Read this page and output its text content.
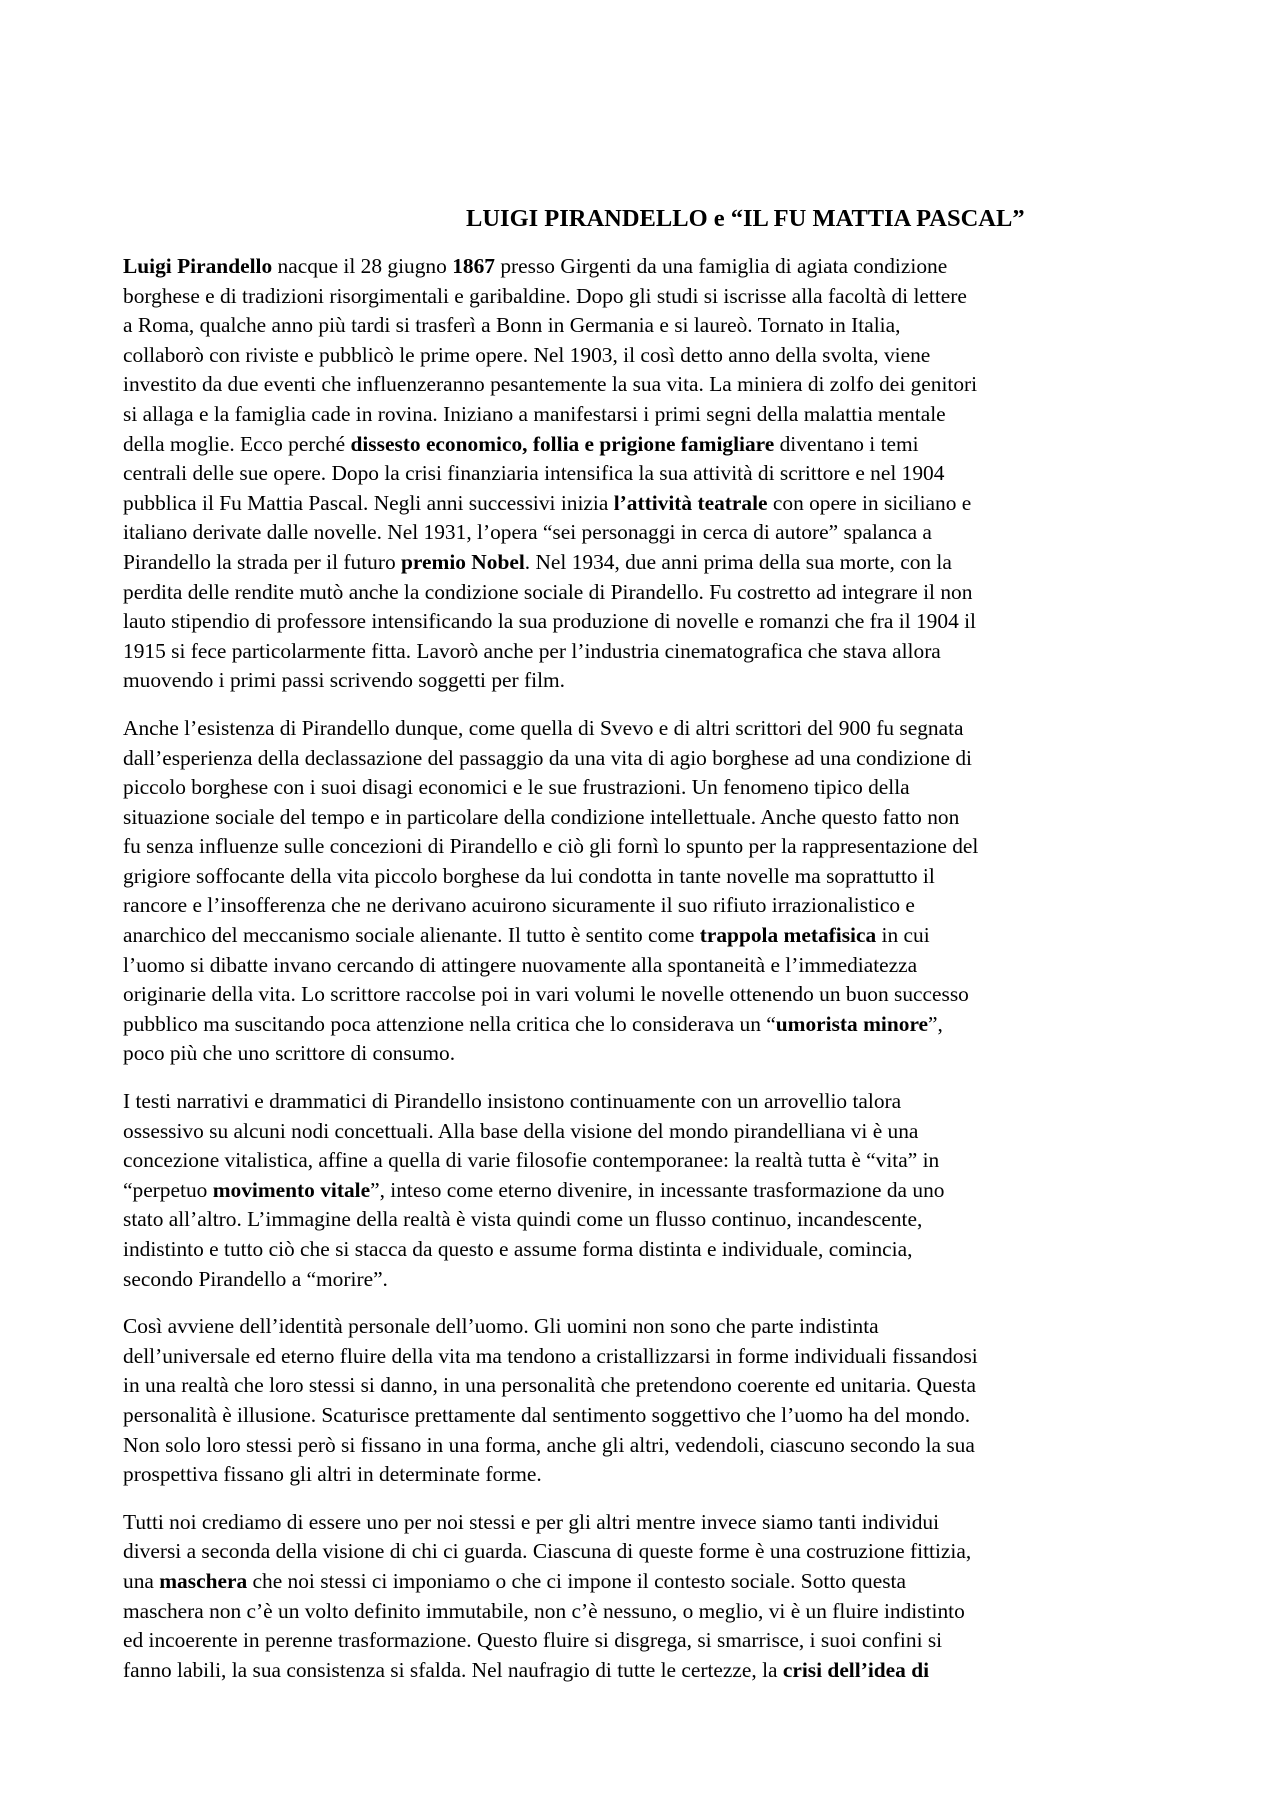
LUIGI PIRANDELLO e “IL FU MATTIA PASCAL”

Luigi Pirandello nacque il 28 giugno 1867 presso Girgenti da una famiglia di agiata condizione
borghese e di tradizioni risorgimentali e garibaldine. Dopo gli studi si iscrisse alla facoltà di lettere
a Roma, qualche anno più tardi si trasferì a Bonn in Germania e si laureò. Tornato in Italia,
collaborò con riviste e pubblicò le prime opere. Nel 1903, il così detto anno della svolta, viene
investito da due eventi che influenzeranno pesantemente la sua vita. La miniera di zolfo dei genitori
si allaga e la famiglia cade in rovina. Iniziano a manifestarsi i primi segni della malattia mentale
della moglie. Ecco perché dissesto economico, follia e prigione famigliare diventano i temi
centrali delle sue opere. Dopo la crisi finanziaria intensifica la sua attività di scrittore e nel 1904
pubblica il Fu Mattia Pascal. Negli anni successivi inizia l’attività teatrale con opere in siciliano e
italiano derivate dalle novelle. Nel 1931, l’opera “sei personaggi in cerca di autore” spalanca a
Pirandello la strada per il futuro premio Nobel. Nel 1934, due anni prima della sua morte, con la
perdita delle rendite mutò anche la condizione sociale di Pirandello. Fu costretto ad integrare il non
lauto stipendio di professore intensificando la sua produzione di novelle e romanzi che fra il 1904 il
1915 si fece particolarmente fitta. Lavorò anche per l’industria cinematografica che stava allora
muovendo i primi passi scrivendo soggetti per film.

Anche l’esistenza di Pirandello dunque, come quella di Svevo e di altri scrittori del 900 fu segnata
dall’esperienza della declassazione del passaggio da una vita di agio borghese ad una condizione di
piccolo borghese con i suoi disagi economici e le sue frustrazioni. Un fenomeno tipico della
situazione sociale del tempo e in particolare della condizione intellettuale. Anche questo fatto non
fu senza influenze sulle concezioni di Pirandello e ciò gli fornì lo spunto per la rappresentazione del
grigiore soffocante della vita piccolo borghese da lui condotta in tante novelle ma soprattutto il
rancore e l’insofferenza che ne derivano acuirono sicuramente il suo rifiuto irrazionalistico e
anarchico del meccanismo sociale alienante. Il tutto è sentito come trappola metafisica in cui
l’uomo si dibatte invano cercando di attingere nuovamente alla spontaneità e l’immediatezza
originarie della vita. Lo scrittore raccolse poi in vari volumi le novelle ottenendo un buon successo
pubblico ma suscitando poca attenzione nella critica che lo considerava un “umorista minore”,
poco più che uno scrittore di consumo.

I testi narrativi e drammatici di Pirandello insistono continuamente con un arrovellio talora
ossessivo su alcuni nodi concettuali. Alla base della visione del mondo pirandelliana vi è una
concezione vitalistica, affine a quella di varie filosofie contemporanee: la realtà tutta è “vita” in
“perpetuo movimento vitale”, inteso come eterno divenire, in incessante trasformazione da uno
stato all’altro. L’immagine della realtà è vista quindi come un flusso continuo, incandescente,
indistinto e tutto ciò che si stacca da questo e assume forma distinta e individuale, comincia,
secondo Pirandello a “morire”.

Così avviene dell’identità personale dell’uomo. Gli uomini non sono che parte indistinta
dell’universale ed eterno fluire della vita ma tendono a cristallizzarsi in forme individuali fissandosi
in una realtà che loro stessi si danno, in una personalità che pretendono coerente ed unitaria. Questa
personalità è illusione. Scaturisce prettamente dal sentimento soggettivo che l’uomo ha del mondo.
Non solo loro stessi però si fissano in una forma, anche gli altri, vedendoli, ciascuno secondo la sua
prospettiva fissano gli altri in determinate forme.

Tutti noi crediamo di essere uno per noi stessi e per gli altri mentre invece siamo tanti individui
diversi a seconda della visione di chi ci guarda. Ciascuna di queste forme è una costruzione fittizia,
una maschera che noi stessi ci imponiamo o che ci impone il contesto sociale. Sotto questa
maschera non c’è un volto definito immutabile, non c’è nessuno, o meglio, vi è un fluire indistinto
ed incoerente in perenne trasformazione. Questo fluire si disgrega, si smarrisce, i suoi confini si
fanno labili, la sua consistenza si sfalda. Nel naufragio di tutte le certezze, la crisi dell’idea di
